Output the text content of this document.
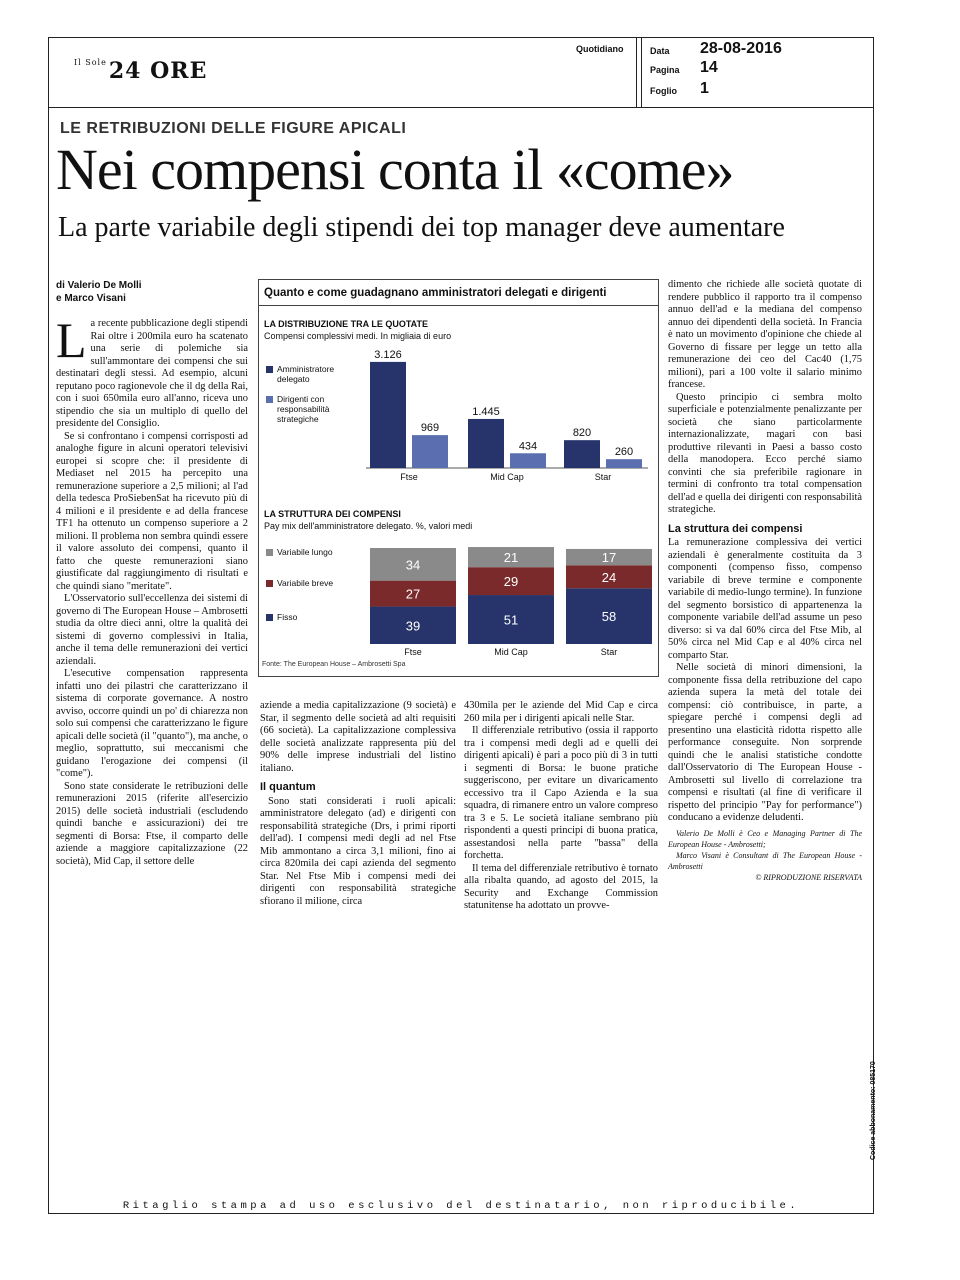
$^{Il Sole}$24 ORE
Quotidiano	Data 28-08-2016
Pagina 14
Foglio 1
LE RETRIBUZIONI DELLE FIGURE APICALI
Nei compensi conta il «come»
La parte variabile degli stipendi dei top manager deve aumentare
di Valerio De Molli
e Marco Visani

La recente pubblicazione degli stipendi Rai oltre i 200mila euro ha scatenato una serie di polemiche sia sull'ammontare dei compensi che sui destinatari degli stessi. Ad esempio, alcuni reputano poco ragionevole che il dg della Rai, con i suoi 650mila euro all'anno, riceva uno stipendio che sia un multiplo di quello del presidente del Consiglio.

Se si confrontano i compensi corrisposti ad analoghe figure in alcuni operatori televisivi europei si scopre che: il presidente di Mediaset nel 2015 ha percepito una remunerazione superiore a 2,5 milioni; al l'ad della tedesca ProSiebenSat ha ricevuto più di 4 milioni e il presidente e ad della francese TF1 ha ottenuto un compenso superiore a 2 milioni. Il problema non sembra quindi essere il valore assoluto dei compensi, quanto il fatto che queste remunerazioni siano giustificate dal raggiungimento di risultati e che quindi siano "meritate".

L'Osservatorio sull'eccellenza dei sistemi di governo di The European House – Ambrosetti studia da oltre dieci anni, oltre la qualità dei sistemi di governo complessivi in Italia, anche il tema delle remunerazioni dei vertici aziendali.

L'esecutive compensation rappresenta infatti uno dei pilastri che caratterizzano il sistema di corporate governance. A nostro avviso, occorre quindi un po' di chiarezza non solo sui compensi che caratterizzano le figure apicali delle società (il "quanto"), ma anche, o meglio, soprattutto, sui meccanismi che guidano l'erogazione dei compensi (il "come").

Sono state considerate le retribuzioni delle remunerazioni 2015 (riferite all'esercizio 2015) delle società industriali (escludendo quindi banche e assicurazioni) dei tre segmenti di Borsa: Ftse, il comparto delle aziende a maggiore capitalizzazione (22 società), Mid Cap, il settore delle

Quanto e come guadagnano amministratori delegati e dirigenti
LA DISTRIBUZIONE TRA LE QUOTATE
Compensi complessivi medi. In migliaia di euro
Amministratore delegato
Dirigenti con responsabilità strategiche
3.126
969
Ftse
1.445
434
Mid Cap
820
260
Star
LA STRUTTURA DEI COMPENSI
Pay mix dell'amministratore delegato. %, valori medi
Variabile lungo
Variabile breve
Fisso
39
27
34
Ftse
51
29
21
Mid Cap
58
24
17
Star
Fonte: The European House – Ambrosetti Spa

aziende a media capitalizzazione (9 società) e Star, il segmento delle società ad alti requisiti (66 società). La capitalizzazione complessiva delle società analizzate rappresenta più del 90% delle imprese industriali del listino italiano.

Il quantum

Sono stati considerati i ruoli apicali: amministratore delegato (ad) e dirigenti con responsabilità strategiche (Drs, i primi riporti dell'ad). I compensi medi degli ad nel Ftse Mib ammontano a circa 3,1 milioni, fino ai circa 820mila dei capi azienda del segmento Star. Nel Ftse Mib i compensi medi dei dirigenti con responsabilità strategiche sfiorano il milione, circa

430mila per le aziende del Mid Cap e circa 260 mila per i dirigenti apicali nelle Star.

Il differenziale retributivo (ossia il rapporto tra i compensi medi degli ad e quelli dei dirigenti apicali) è pari a poco più di 3 in tutti i segmenti di Borsa: le buone pratiche suggeriscono, per evitare un divaricamento eccessivo tra il Capo Azienda e la sua squadra, di rimanere entro un valore compreso tra 3 e 5. Le società italiane sembrano più rispondenti a questi principi di buona pratica, assestandosi nella parte "bassa" della forchetta.

Il tema del differenziale retributivo è tornato alla ribalta quando, ad agosto del 2015, la Security and Exchange Commission statunitense ha adottato un provve-

dimento che richiede alle società quotate di rendere pubblico il rapporto tra il compenso annuo dell'ad e la mediana del compenso annuo dei dipendenti della società. In Francia è nato un movimento d'opinione che chiede al Governo di fissare per legge un tetto alla remunerazione dei ceo del Cac40 (1,75 milioni), pari a 100 volte il salario minimo francese.

Questo principio ci sembra molto superficiale e potenzialmente penalizzante per società che siano particolarmente internazionalizzate, magari con basi produttive rilevanti in Paesi a basso costo della manodopera. Ecco perché siamo convinti che sia preferibile ragionare in termini di confronto tra total compensation dell'ad e quella dei dirigenti con responsabilità strategiche.

La struttura dei compensi

La remunerazione complessiva dei vertici aziendali è generalmente costituita da 3 componenti (compenso fisso, compenso variabile di breve termine e componente variabile di medio-lungo termine). In funzione del segmento borsistico di appartenenza la componente variabile dell'ad assume un peso diverso: si va dal 60% circa del Ftse Mib, al 50% circa nel Mid Cap e al 40% circa nel comparto Star.

Nelle società di minori dimensioni, la componente fissa della retribuzione del capo azienda supera la metà del totale dei compensi: ciò contribuisce, in parte, a spiegare perché i compensi degli ad presentino una elasticità ridotta rispetto alle performance conseguite. Non sorprende quindi che le analisi statistiche condotte dall'Osservatorio di The European House - Ambrosetti sul livello di correlazione tra compensi e risultati (al fine di verificare il rispetto del principio "Pay for performance") conducano a evidenze deludenti.

Valerio De Molli è Ceo e Managing Partner di The European House - Ambrosetti;

Marco Visani è Consultant di The European House - Ambrosetti

© RIPRODUZIONE RISERVATA

Ritaglio stampa ad uso esclusivo del destinatario, non riproducibile.
Codice abbonamento: 085170
